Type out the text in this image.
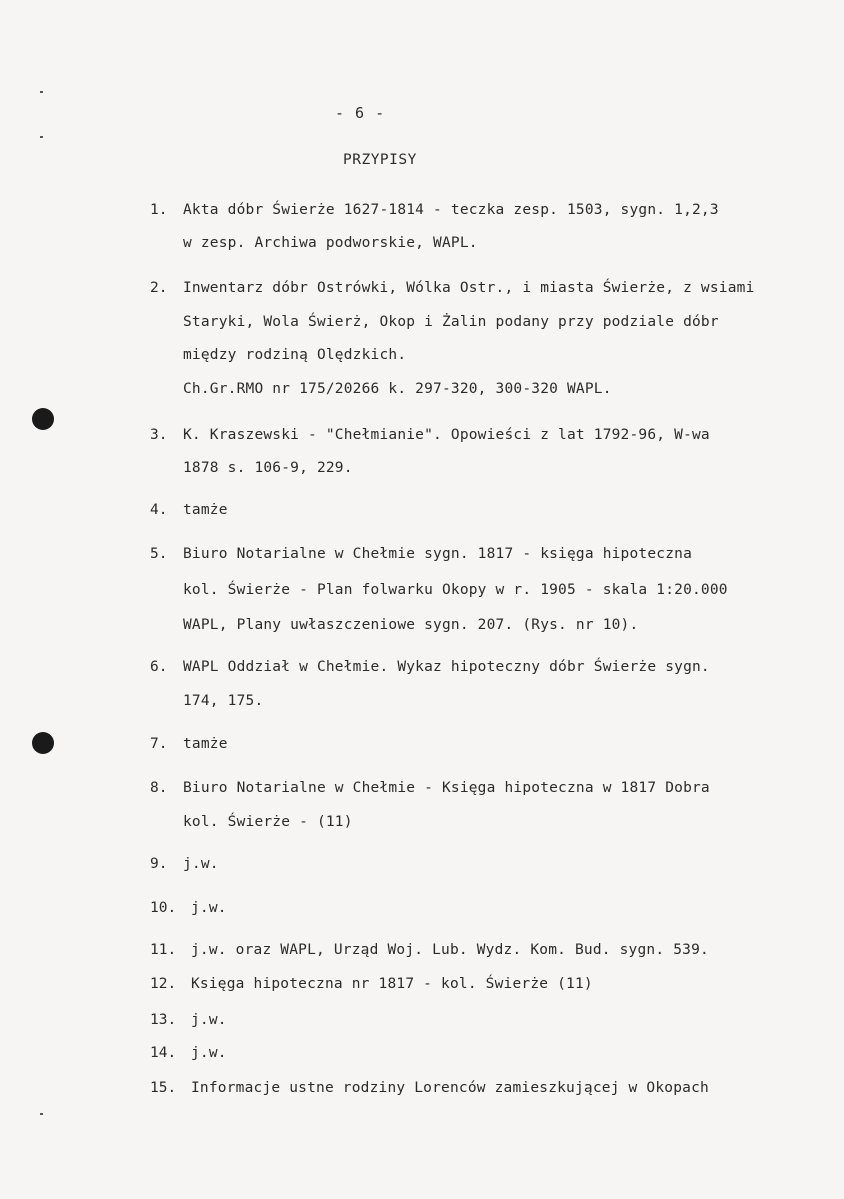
- 6 -
PRZYPISY
1. Akta dóbr Świerże 1627-1814 - teczka zesp. 1503, sygn. 1,2,3
w zesp. Archiwa podworskie, WAPL.
2. Inwentarz dóbr Ostrówki, Wólka Ostr., i miasta Świerże, z wsiami
Staryki, Wola Świerż, Okop i Żalin podany przy podziale dóbr
między rodziną Olędzkich.
Ch.Gr.RMO nr 175/20266 k. 297-320, 300-320 WAPL.
3. K. Kraszewski - "Chełmianie". Opowieści z lat 1792-96, W-wa
1878 s. 106-9, 229.
4. tamże
5. Biuro Notarialne w Chełmie sygn. 1817 - księga hipoteczna
kol. Świerże - Plan folwarku Okopy w r. 1905 - skala 1:20.000
WAPL, Plany uwłaszczeniowe sygn. 207. (Rys. nr 10).
6. WAPL Oddział w Chełmie. Wykaz hipoteczny dóbr Świerże sygn.
174, 175.
7. tamże
8. Biuro Notarialne w Chełmie - Księga hipoteczna w 1817 Dobra
kol. Świerże - (11)
9. j.w.
10. j.w.
11. j.w. oraz WAPL, Urząd Woj. Lub. Wydz. Kom. Bud. sygn. 539.
12. Księga hipoteczna nr 1817 - kol. Świerże (11)
13. j.w.
14. j.w.
15. Informacje ustne rodziny Lorenców zamieszkującej w Okopach
